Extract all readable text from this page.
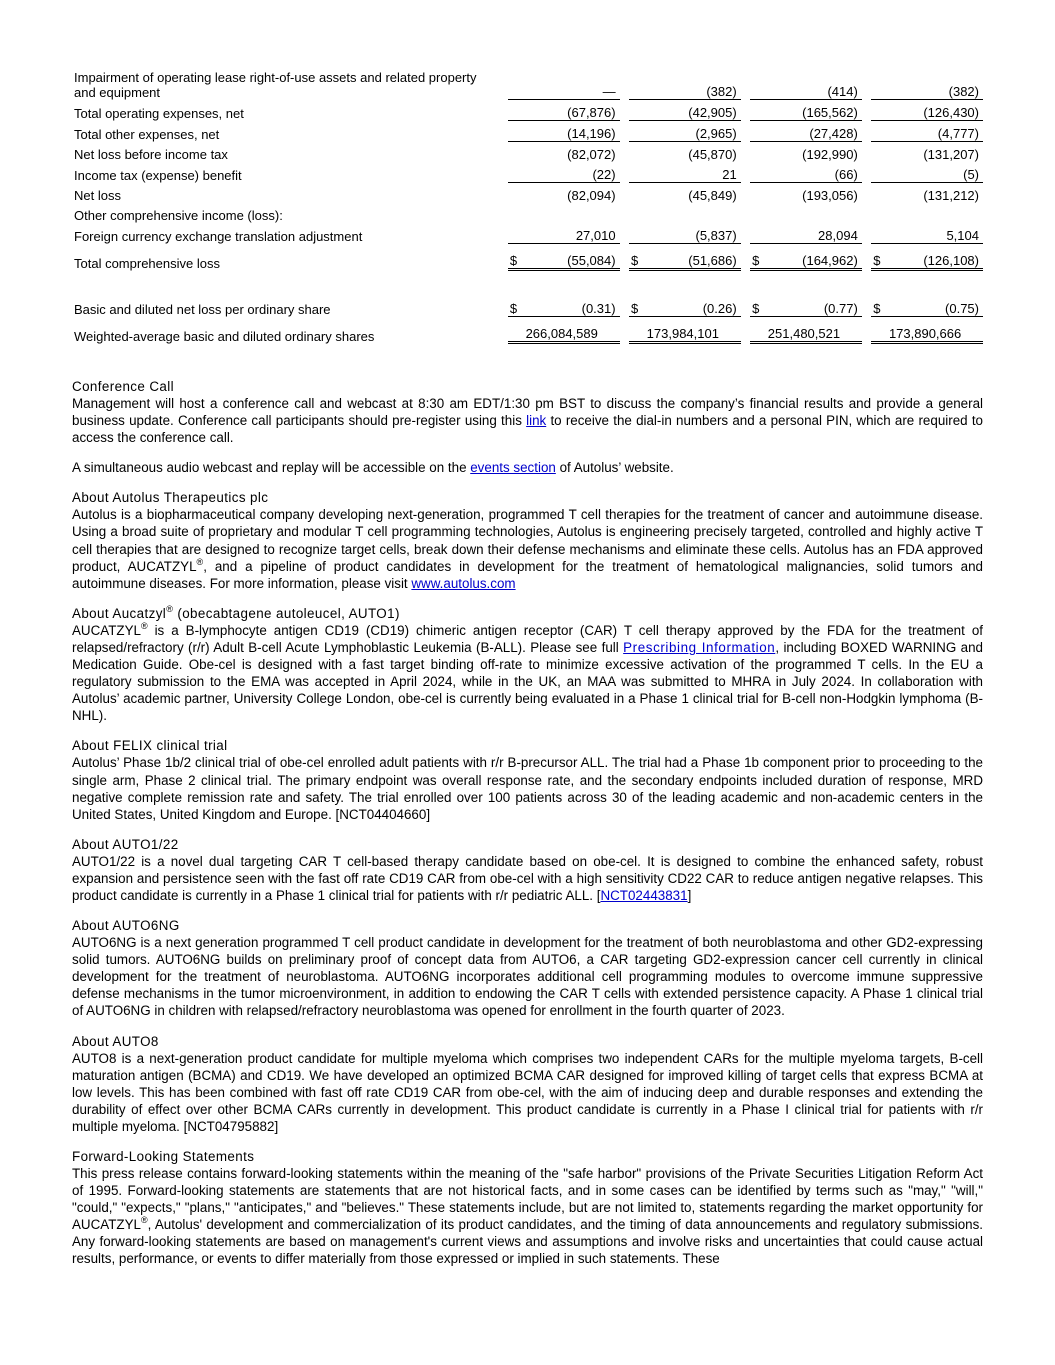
Impairment of operating lease right-of-use assets and related property and equipment			—			(382)			(414)			(382)
Total operating expenses, net			(67,876)			(42,905)			(165,562)			(126,430)
Total other expenses, net			(14,196)			(2,965)			(27,428)			(4,777)
Net loss before income tax			(82,072)			(45,870)			(192,990)			(131,207)
Income tax (expense) benefit			(22)			21			(66)			(5)
Net loss			(82,094)			(45,849)			(193,056)			(131,212)
Other comprehensive income (loss):												
Foreign currency exchange translation adjustment			27,010			(5,837)			28,094			5,104
Total comprehensive loss		$	(55,084)		$	(51,686)		$	(164,962)		$	(126,108)

Basic and diluted net loss per ordinary share		$	(0.31)		$	(0.26)		$	(0.77)		$	(0.75)
Weighted-average basic and diluted ordinary shares		266,084,589			173,984,101			251,480,521			173,890,666	
Conference Call

Management will host a conference call and webcast at 8:30 am EDT/1:30 pm BST to discuss the company’s financial results and provide a general business update. Conference call participants should pre-register using this link to receive the dial-in numbers and a personal PIN, which are required to access the conference call.

A simultaneous audio webcast and replay will be accessible on the events section of Autolus’ website.

About Autolus Therapeutics plc

Autolus is a biopharmaceutical company developing next-generation, programmed T cell therapies for the treatment of cancer and autoimmune disease. Using a broad suite of proprietary and modular T cell programming technologies, Autolus is engineering precisely targeted, controlled and highly active T cell therapies that are designed to recognize target cells, break down their defense mechanisms and eliminate these cells. Autolus has an FDA approved product, AUCATZYL®, and a pipeline of product candidates in development for the treatment of hematological malignancies, solid tumors and autoimmune diseases. For more information, please visit www.autolus.com

About Aucatzyl® (obecabtagene autoleucel, AUTO1)

AUCATZYL® is a B-lymphocyte antigen CD19 (CD19) chimeric antigen receptor (CAR) T cell therapy approved by the FDA for the treatment of relapsed/refractory (r/r) Adult B-cell Acute Lymphoblastic Leukemia (B-ALL). Please see full Prescribing Information, including BOXED WARNING and Medication Guide. Obe-cel is designed with a fast target binding off-rate to minimize excessive activation of the programmed T cells. In the EU a regulatory submission to the EMA was accepted in April 2024, while in the UK, an MAA was submitted to MHRA in July 2024. In collaboration with Autolus’ academic partner, University College London, obe-cel is currently being evaluated in a Phase 1 clinical trial for B-cell non-Hodgkin lymphoma (B-NHL).

About FELIX clinical trial

Autolus’ Phase 1b/2 clinical trial of obe-cel enrolled adult patients with r/r B-precursor ALL. The trial had a Phase 1b component prior to proceeding to the single arm, Phase 2 clinical trial. The primary endpoint was overall response rate, and the secondary endpoints included duration of response, MRD negative complete remission rate and safety. The trial enrolled over 100 patients across 30 of the leading academic and non-academic centers in the United States, United Kingdom and Europe. [NCT04404660]

About AUTO1/22

AUTO1/22 is a novel dual targeting CAR T cell-based therapy candidate based on obe-cel. It is designed to combine the enhanced safety, robust expansion and persistence seen with the fast off rate CD19 CAR from obe-cel with a high sensitivity CD22 CAR to reduce antigen negative relapses. This product candidate is currently in a Phase 1 clinical trial for patients with r/r pediatric ALL. [NCT02443831]

About AUTO6NG

AUTO6NG is a next generation programmed T cell product candidate in development for the treatment of both neuroblastoma and other GD2-expressing solid tumors. AUTO6NG builds on preliminary proof of concept data from AUTO6, a CAR targeting GD2-expression cancer cell currently in clinical development for the treatment of neuroblastoma. AUTO6NG incorporates additional cell programming modules to overcome immune suppressive defense mechanisms in the tumor microenvironment, in addition to endowing the CAR T cells with extended persistence capacity. A Phase 1 clinical trial of AUTO6NG in children with relapsed/refractory neuroblastoma was opened for enrollment in the fourth quarter of 2023.

About AUTO8

AUTO8 is a next-generation product candidate for multiple myeloma which comprises two independent CARs for the multiple myeloma targets, B-cell maturation antigen (BCMA) and CD19. We have developed an optimized BCMA CAR designed for improved killing of target cells that express BCMA at low levels. This has been combined with fast off rate CD19 CAR from obe-cel, with the aim of inducing deep and durable responses and extending the durability of effect over other BCMA CARs currently in development. This product candidate is currently in a Phase I clinical trial for patients with r/r multiple myeloma. [NCT04795882]

Forward-Looking Statements

This press release contains forward-looking statements within the meaning of the "safe harbor" provisions of the Private Securities Litigation Reform Act of 1995. Forward-looking statements are statements that are not historical facts, and in some cases can be identified by terms such as "may," "will," "could," "expects," "plans," "anticipates," and "believes." These statements include, but are not limited to, statements regarding the market opportunity for AUCATZYL®, Autolus' development and commercialization of its product candidates, and the timing of data announcements and regulatory submissions. Any forward-looking statements are based on management's current views and assumptions and involve risks and uncertainties that could cause actual results, performance, or events to differ materially from those expressed or implied in such statements. These
